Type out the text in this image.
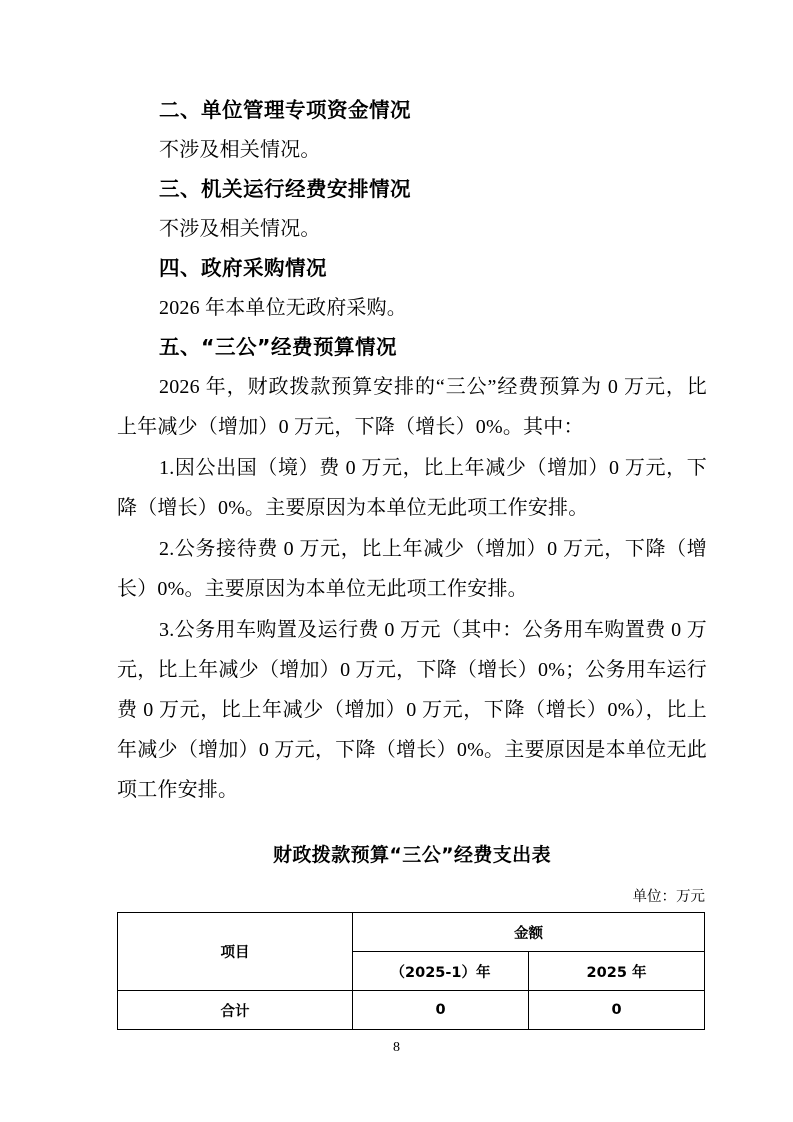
二、单位管理专项资金情况

不涉及相关情况。

三、机关运行经费安排情况

不涉及相关情况。

四、政府采购情况

2026 年本单位无政府采购。

五、“三公”经费预算情况

2026 年，财政拨款预算安排的“三公”经费预算为 0 万元，比上年减少（增加）0 万元，下降（增长）0%。其中：

1.因公出国（境）费 0 万元，比上年减少（增加）0 万元，下降（增长）0%。主要原因为本单位无此项工作安排。

2.公务接待费 0 万元，比上年减少（增加）0 万元，下降（增长）0%。主要原因为本单位无此项工作安排。

3.公务用车购置及运行费 0 万元（其中：公务用车购置费 0 万元，比上年减少（增加）0 万元，下降（增长）0%；公务用车运行费 0 万元，比上年减少（增加）0 万元，下降（增长）0%），比上年减少（增加）0 万元，下降（增长）0%。主要原因是本单位无此项工作安排。

财政拨款预算“三公”经费支出表
单位：万元
项目	金额	
	（2025-1）年	2025 年
合计	0	0
8
